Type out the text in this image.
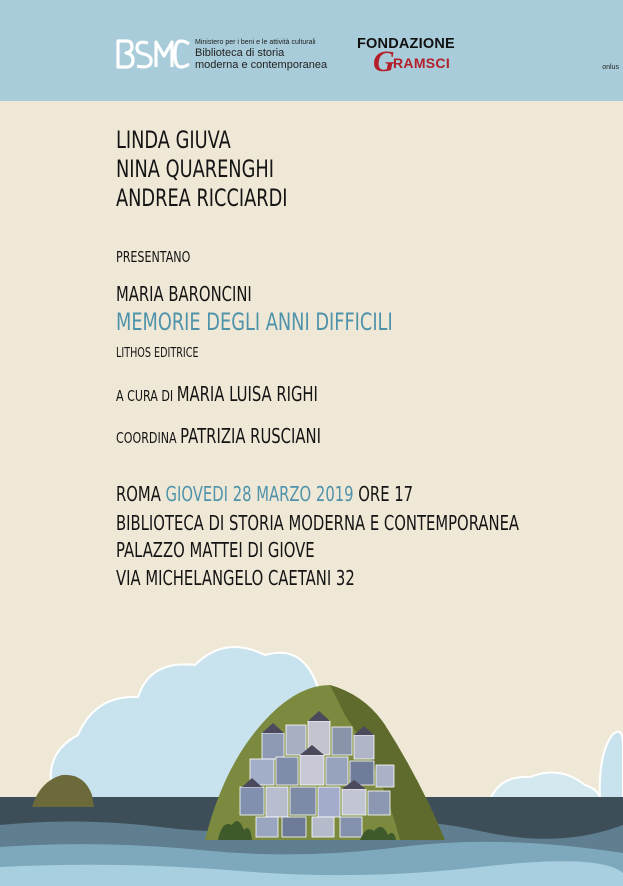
Ministero per i beni e le attività culturali
Biblioteca di storia
moderna e contemporanea
FONDAZIONE
G
RAMSCI	onlus
LINDA GIUVA
NINA QUARENGHI
ANDREA RICCIARDI
PRESENTANO
MARIA BARONCINI
MEMORIE DEGLI ANNI DIFFICILI
LITHOS EDITRICE
A CURA DI MARIA LUISA RIGHI
COORDINA PATRIZIA RUSCIANI
ROMA GIOVEDI 28 MARZO 2019 ORE 17
BIBLIOTECA DI STORIA MODERNA E CONTEMPORANEA
PALAZZO MATTEI DI GIOVE
VIA MICHELANGELO CAETANI 32
